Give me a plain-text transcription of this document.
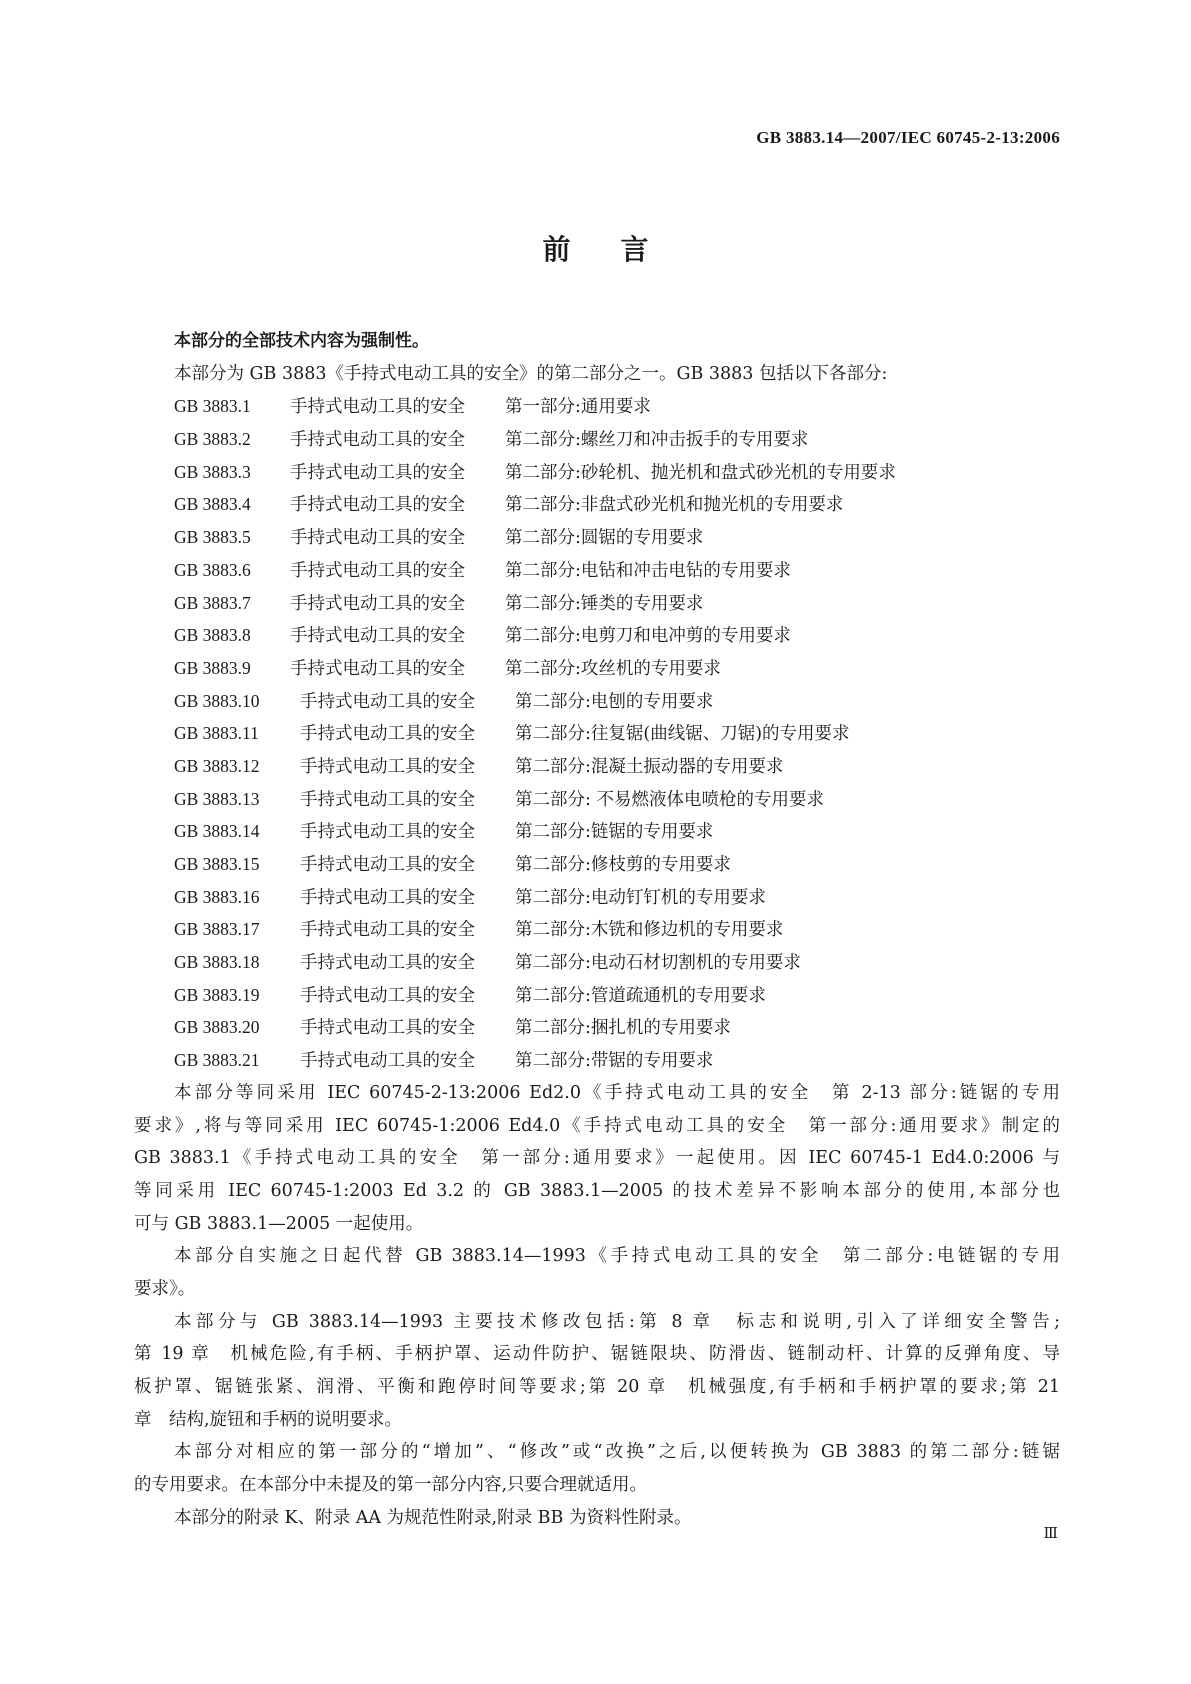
GB 3883.14—2007/IEC 60745-2-13:2006
前言
本部分的全部技术内容为强制性。
本部分为 GB 3883《手持式电动工具的安全》的第二部分之一。GB 3883 包括以下各部分:
GB 3883.1 手持式电动工具的安全 第一部分:通用要求
GB 3883.2 手持式电动工具的安全 第二部分:螺丝刀和冲击扳手的专用要求
GB 3883.3 手持式电动工具的安全 第二部分:砂轮机、抛光机和盘式砂光机的专用要求
GB 3883.4 手持式电动工具的安全 第二部分:非盘式砂光机和抛光机的专用要求
GB 3883.5 手持式电动工具的安全 第二部分:圆锯的专用要求
GB 3883.6 手持式电动工具的安全 第二部分:电钻和冲击电钻的专用要求
GB 3883.7 手持式电动工具的安全 第二部分:锤类的专用要求
GB 3883.8 手持式电动工具的安全 第二部分:电剪刀和电冲剪的专用要求
GB 3883.9 手持式电动工具的安全 第二部分:攻丝机的专用要求
GB 3883.10 手持式电动工具的安全 第二部分:电刨的专用要求
GB 3883.11 手持式电动工具的安全 第二部分:往复锯(曲线锯、刀锯)的专用要求
GB 3883.12 手持式电动工具的安全 第二部分:混凝土振动器的专用要求
GB 3883.13 手持式电动工具的安全 第二部分: 不易燃液体电喷枪的专用要求
GB 3883.14 手持式电动工具的安全 第二部分:链锯的专用要求
GB 3883.15 手持式电动工具的安全 第二部分:修枝剪的专用要求
GB 3883.16 手持式电动工具的安全 第二部分:电动钉钉机的专用要求
GB 3883.17 手持式电动工具的安全 第二部分:木铣和修边机的专用要求
GB 3883.18 手持式电动工具的安全 第二部分:电动石材切割机的专用要求
GB 3883.19 手持式电动工具的安全 第二部分:管道疏通机的专用要求
GB 3883.20 手持式电动工具的安全 第二部分:捆扎机的专用要求
GB 3883.21 手持式电动工具的安全 第二部分:带锯的专用要求
本部分等同采用 IEC 60745-2-13:2006 Ed2.0《手持式电动工具的安全　第 2-13 部分:链锯的专用
要求》,将与等同采用 IEC 60745-1:2006 Ed4.0《手持式电动工具的安全　第一部分:通用要求》制定的
GB 3883.1《手持式电动工具的安全　第一部分:通用要求》一起使用。因 IEC 60745-1 Ed4.0:2006 与
等同采用 IEC 60745-1:2003 Ed 3.2 的 GB 3883.1—2005 的技术差异不影响本部分的使用,本部分也
可与 GB 3883.1—2005 一起使用。
本部分自实施之日起代替 GB 3883.14—1993《手持式电动工具的安全　第二部分:电链锯的专用
要求》。
本部分与 GB 3883.14—1993 主要技术修改包括:第 8 章　标志和说明,引入了详细安全警告;
第 19 章　机械危险,有手柄、手柄护罩、运动件防护、锯链限块、防滑齿、链制动杆、计算的反弹角度、导
板护罩、锯链张紧、润滑、平衡和跑停时间等要求;第 20 章　机械强度,有手柄和手柄护罩的要求;第 21
章　结构,旋钮和手柄的说明要求。
本部分对相应的第一部分的“增加”、“修改”或“改换”之后,以便转换为 GB 3883 的第二部分:链锯
的专用要求。在本部分中未提及的第一部分内容,只要合理就适用。
本部分的附录 K、附录 AA 为规范性附录,附录 BB 为资料性附录。
Ⅲ
